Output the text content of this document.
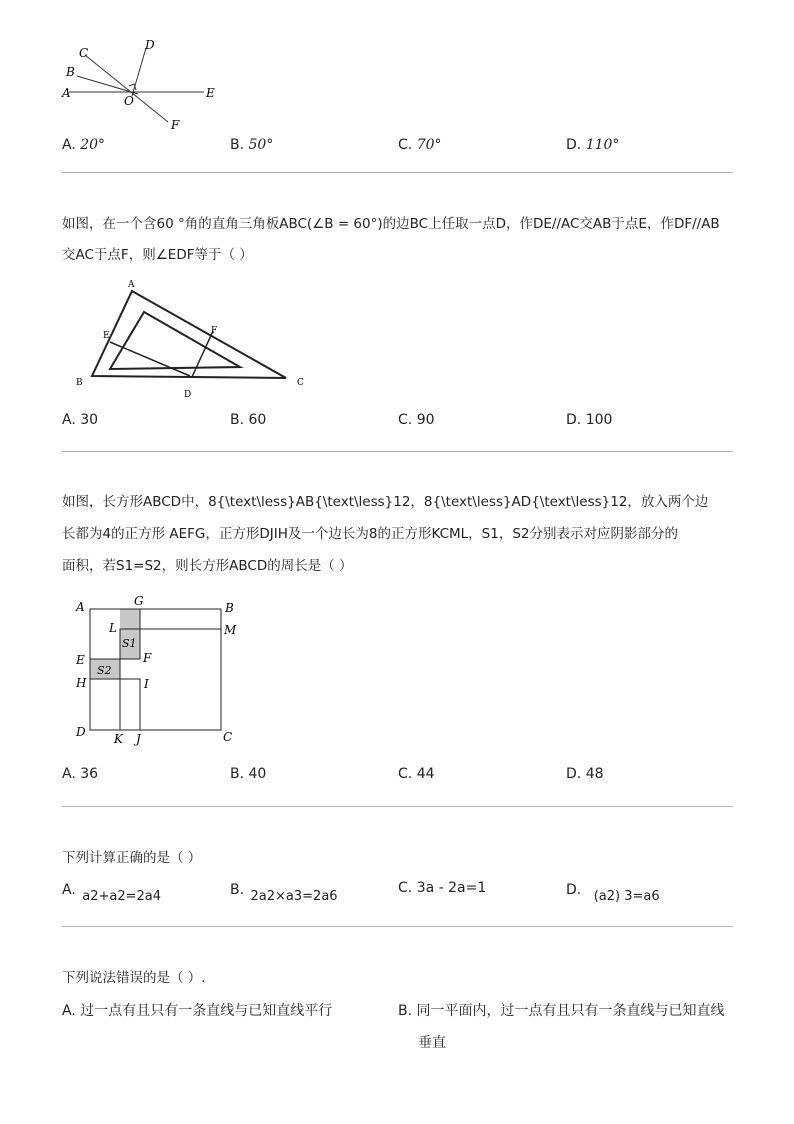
C
D
B
A
O
E
F
A. 20°	B. 50°	C. 70°	D. 110°
如图，在一个含60 °角的直角三角板ABC(∠B = 60°)的边BC上任取一点D，作DE//AC交AB于点E，作DF//AB
交AC于点F，则∠EDF等于（ ）
A
B	C
D
E	F
A. 30	B. 60	C. 90	D. 100
如图，长方形ABCD中，8{\text\less}AB{\text\less}12，8{\text\less}AD{\text\less}12，放入两个边
长都为4的正方形 AEFG，正方形DJIH及一个边长为8的正方形KCML，S1，S2分别表示对应阴影部分的
面积，若S1=S2，则长方形ABCD的周长是（ ）
A	G	B
L	M
S1
E	F
S2
H	I
D K J	C
A. 36	B. 40	C. 44	D. 48
下列计算正确的是（ ）
A. a2+a2=2a4	B. 2a2×a3=2a6
C. 3a - 2a=1	D. (a2) 3=a6
下列说法错误的是（ ）.
A. 过一点有且只有一条直线与已知直线平行	B. 同一平面内，过一点有且只有一条直线与已知直线
垂直
